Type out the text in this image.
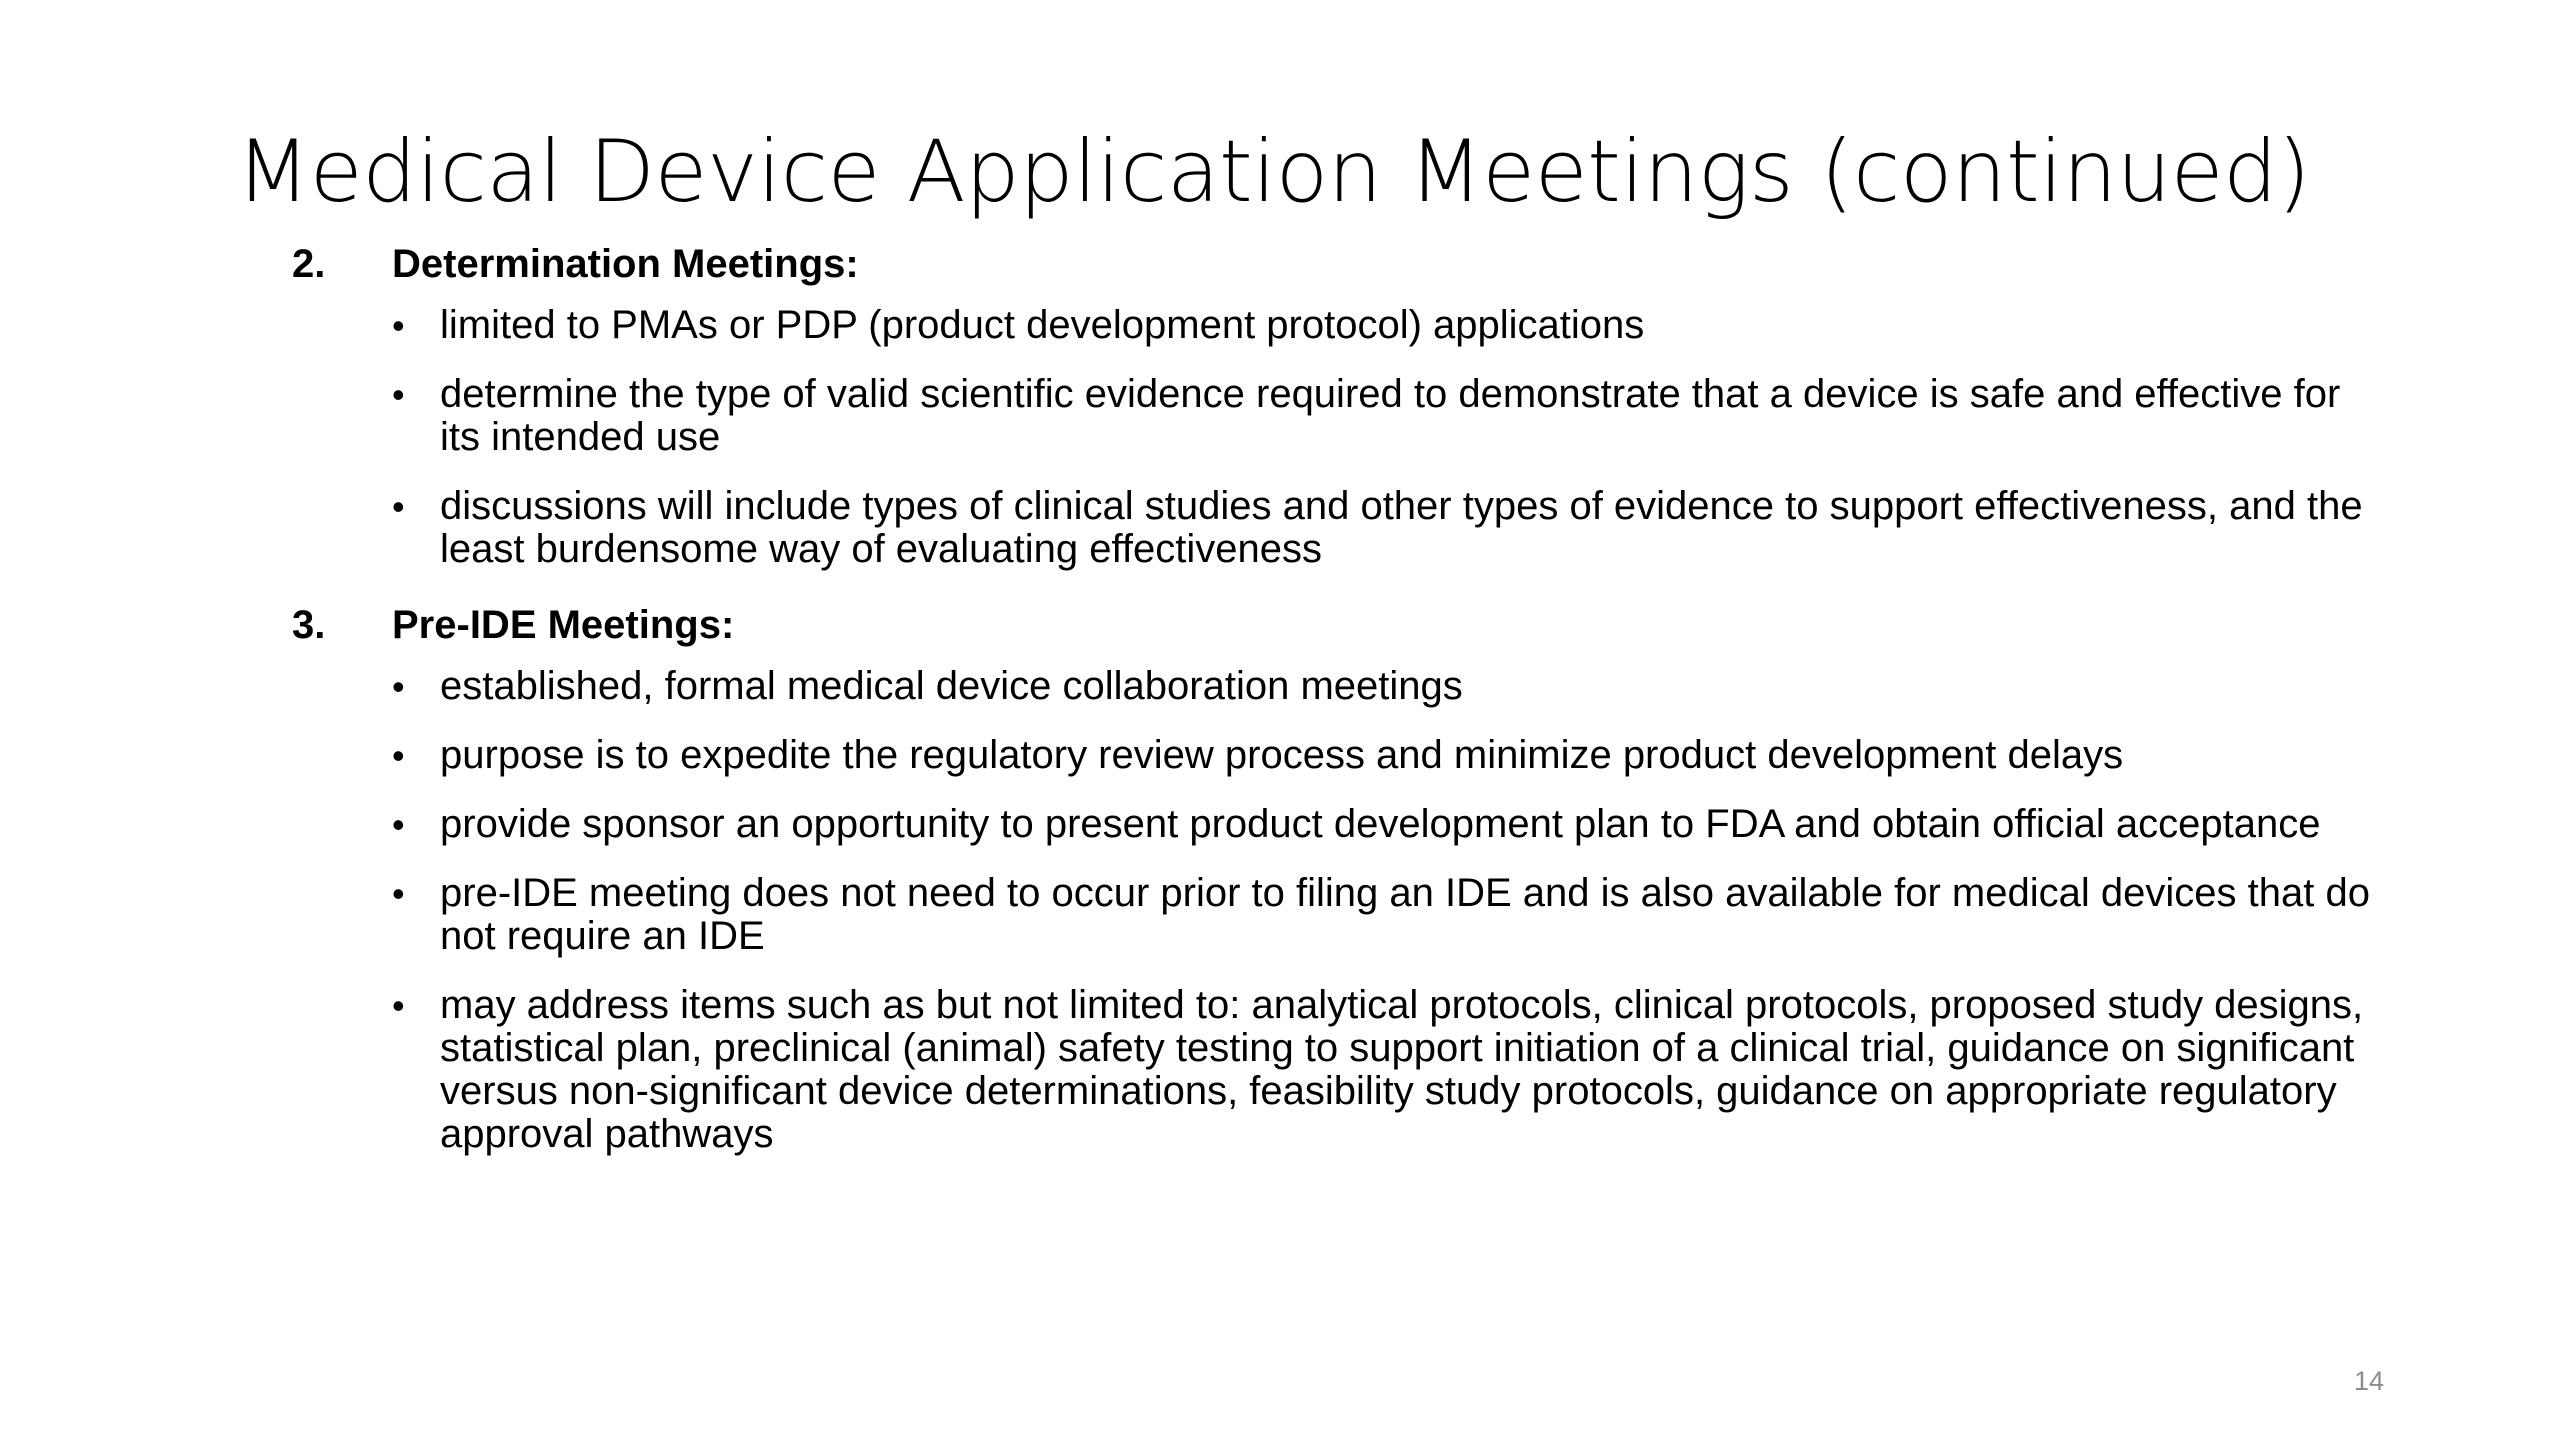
Medical Device Application Meetings (continued)
2.	Determination Meetings:
• limited to PMAs or PDP (product development protocol) applications
• determine the type of valid scientific evidence required to demonstrate that a device is safe and effective for its intended use
• discussions will include types of clinical studies and other types of evidence to support effectiveness, and the least burdensome way of evaluating effectiveness
3.	Pre-IDE Meetings:
• established, formal medical device collaboration meetings
• purpose is to expedite the regulatory review process and minimize product development delays
• provide sponsor an opportunity to present product development plan to FDA and obtain official acceptance
• pre-IDE meeting does not need to occur prior to filing an IDE and is also available for medical devices that do not require an IDE
• may address items such as but not limited to: analytical protocols, clinical protocols, proposed study designs, statistical plan, preclinical (animal) safety testing to support initiation of a clinical trial, guidance on significant versus non-significant device determinations, feasibility study protocols, guidance on appropriate regulatory approval pathways
14
